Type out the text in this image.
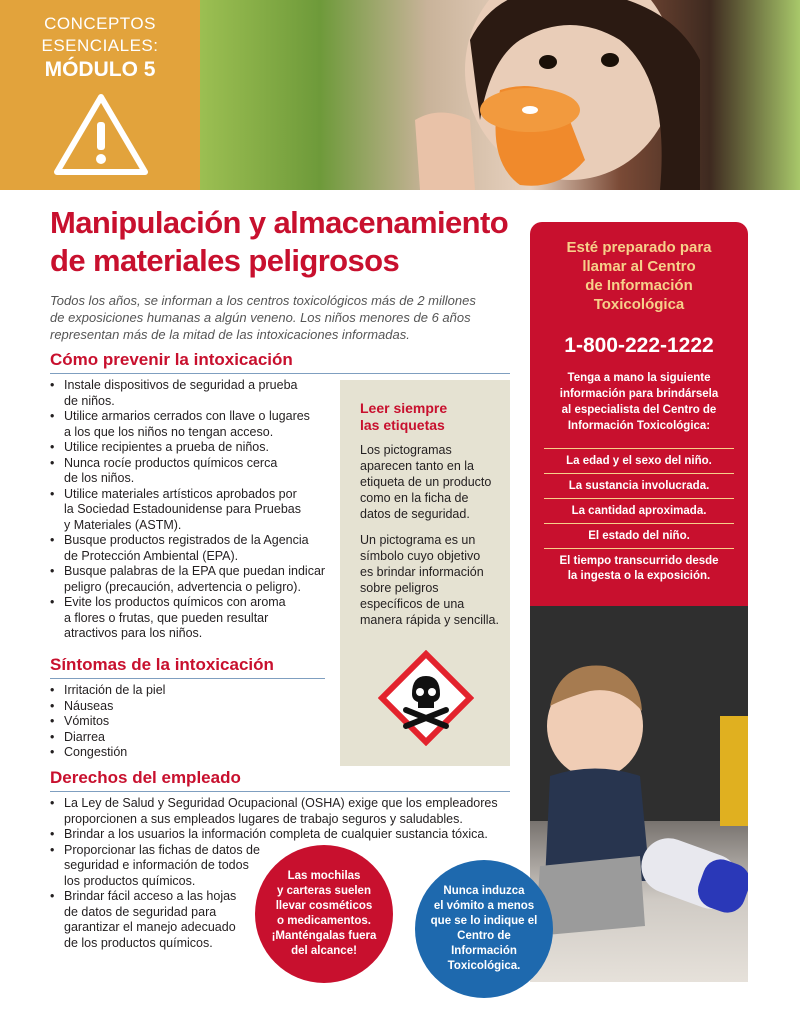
CONCEPTOS
ESENCIALES:
MÓDULO 5
Manipulación y almacenamiento
de materiales peligrosos
Todos los años, se informan a los centros toxicológicos más de 2 millones
de exposiciones humanas a algún veneno. Los niños menores de 6 años
representan más de la mitad de las intoxicaciones informadas.
Cómo prevenir la intoxicación
• Instale dispositivos de seguridad a prueba
de niños.
• Utilice armarios cerrados con llave o lugares
a los que los niños no tengan acceso.
• Utilice recipientes a prueba de niños.
• Nunca rocíe productos químicos cerca
de los niños.
• Utilice materiales artísticos aprobados por
la Sociedad Estadounidense para Pruebas
y Materiales (ASTM).
• Busque productos registrados de la Agencia
de Protección Ambiental (EPA).
• Busque palabras de la EPA que puedan indicar
peligro (precaución, advertencia o peligro).
• Evite los productos químicos con aroma
a flores o frutas, que pueden resultar
atractivos para los niños.
Síntomas de la intoxicación
• Irritación de la piel
• Náuseas
• Vómitos
• Diarrea
• Congestión
Derechos del empleado
• La Ley de Salud y Seguridad Ocupacional (OSHA) exige que los empleadores
proporcionen a sus empleados lugares de trabajo seguros y saludables.
• Brindar a los usuarios la información completa de cualquier sustancia tóxica.
• Proporcionar las fichas de datos de
seguridad e información de todos
los productos químicos.
• Brindar fácil acceso a las hojas
de datos de seguridad para
garantizar el manejo adecuado
de los productos químicos.
Leer siempre
las etiquetas
Los pictogramas
aparecen tanto en la
etiqueta de un producto
como en la ficha de
datos de seguridad.
Un pictograma es un
símbolo cuyo objetivo
es brindar información
sobre peligros
específicos de una
manera rápida y sencilla.
Esté preparado para
llamar al Centro
de Información
Toxicológica
1-800-222-1222
Tenga a mano la siguiente
información para brindársela
al especialista del Centro de
Información Toxicológica:
La edad y el sexo del niño.
La sustancia involucrada.
La cantidad aproximada.
El estado del niño.
El tiempo transcurrido desde
la ingesta o la exposición.
Las mochilas
y carteras suelen
llevar cosméticos
o medicamentos.
¡Manténgalas fuera
del alcance!
Nunca induzca
el vómito a menos
que se lo indique el
Centro de Información
Toxicológica.
